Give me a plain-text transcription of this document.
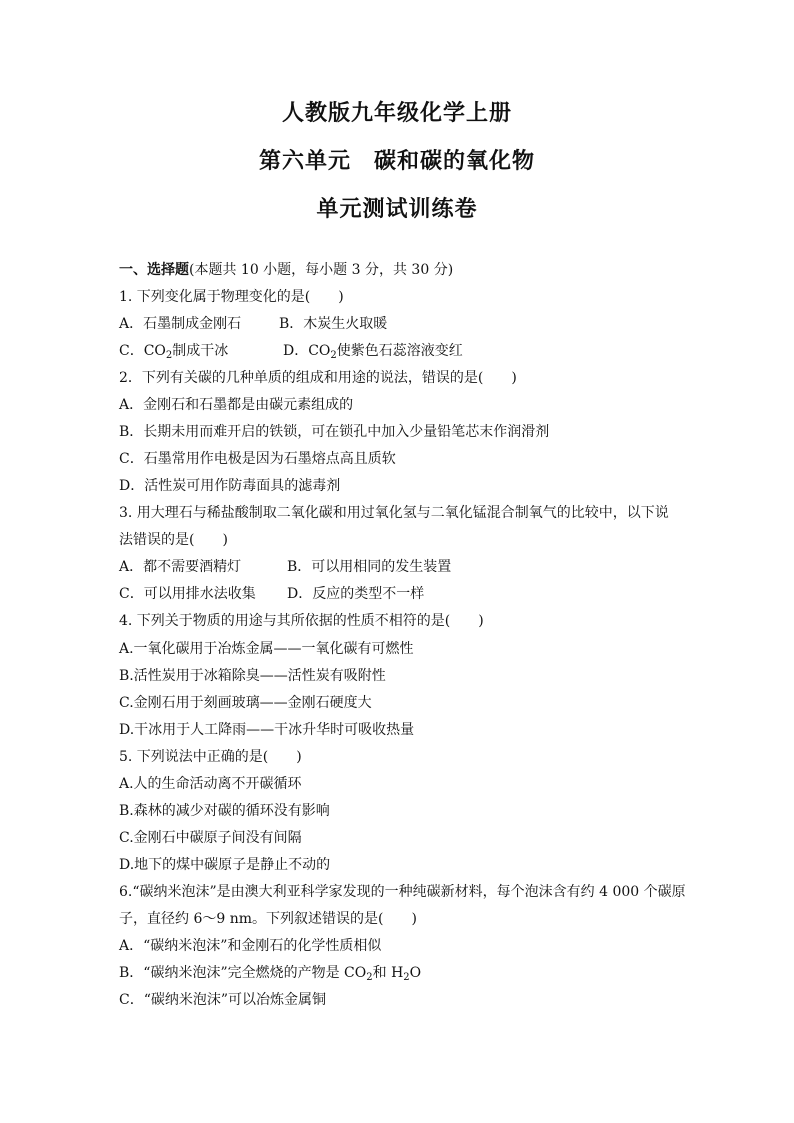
人教版九年级化学上册
第六单元　碳和碳的氧化物
单元测试训练卷
一、选择题(本题共 10 小题，每小题 3 分，共 30 分)
1. 下列变化属于物理变化的是(　　)
A．石墨制成金刚石	B．木炭生火取暖
C．$CO_2$制成干冰	D．$CO_2$使紫色石蕊溶液变红
2．下列有关碳的几种单质的组成和用途的说法，错误的是(　　)
A．金刚石和石墨都是由碳元素组成的
B．长期未用而难开启的铁锁，可在锁孔中加入少量铅笔芯末作润滑剂
C．石墨常用作电极是因为石墨熔点高且质软
D．活性炭可用作防毒面具的滤毒剂
3. 用大理石与稀盐酸制取二氧化碳和用过氧化氢与二氧化锰混合制氧气的比较中，以下说
法错误的是(　　)
A．都不需要酒精灯	B．可以用相同的发生装置
C．可以用排水法收集 D．反应的类型不一样
4. 下列关于物质的用途与其所依据的性质不相符的是(　　)
A.一氧化碳用于冶炼金属——一氧化碳有可燃性
B.活性炭用于冰箱除臭——活性炭有吸附性
C.金刚石用于刻画玻璃——金刚石硬度大
D.干冰用于人工降雨——干冰升华时可吸收热量
5. 下列说法中正确的是(　　)
A.人的生命活动离不开碳循环
B.森林的减少对碳的循环没有影响
C.金刚石中碳原子间没有间隔
D.地下的煤中碳原子是静止不动的
6.“碳纳米泡沫”是由澳大利亚科学家发现的一种纯碳新材料，每个泡沫含有约 4 000 个碳原
子，直径约 6～9 nm。下列叙述错误的是(　　)
A．“碳纳米泡沫”和金刚石的化学性质相似
B．“碳纳米泡沫”完全燃烧的产物是 $CO_2$和 $H_2O$
C．“碳纳米泡沫”可以冶炼金属铜
